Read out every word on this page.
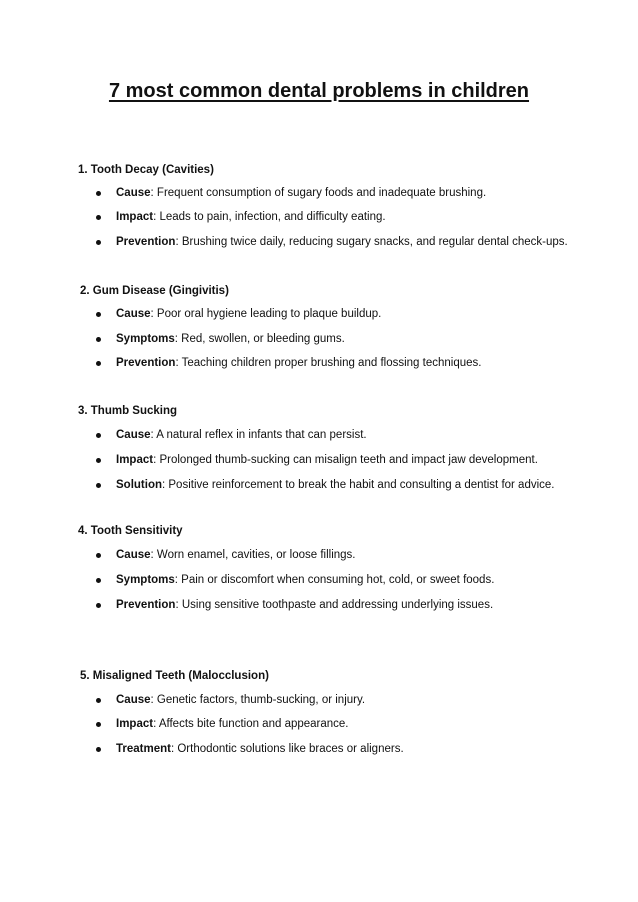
7 most common dental problems in children
1. Tooth Decay (Cavities)
Cause: Frequent consumption of sugary foods and inadequate brushing.
Impact: Leads to pain, infection, and difficulty eating.
Prevention: Brushing twice daily, reducing sugary snacks, and regular dental check-ups.
2. Gum Disease (Gingivitis)
Cause: Poor oral hygiene leading to plaque buildup.
Symptoms: Red, swollen, or bleeding gums.
Prevention: Teaching children proper brushing and flossing techniques.
3. Thumb Sucking
Cause: A natural reflex in infants that can persist.
Impact: Prolonged thumb-sucking can misalign teeth and impact jaw development.
Solution: Positive reinforcement to break the habit and consulting a dentist for advice.
4. Tooth Sensitivity
Cause: Worn enamel, cavities, or loose fillings.
Symptoms: Pain or discomfort when consuming hot, cold, or sweet foods.
Prevention: Using sensitive toothpaste and addressing underlying issues.
5. Misaligned Teeth (Malocclusion)
Cause: Genetic factors, thumb-sucking, or injury.
Impact: Affects bite function and appearance.
Treatment: Orthodontic solutions like braces or aligners.
